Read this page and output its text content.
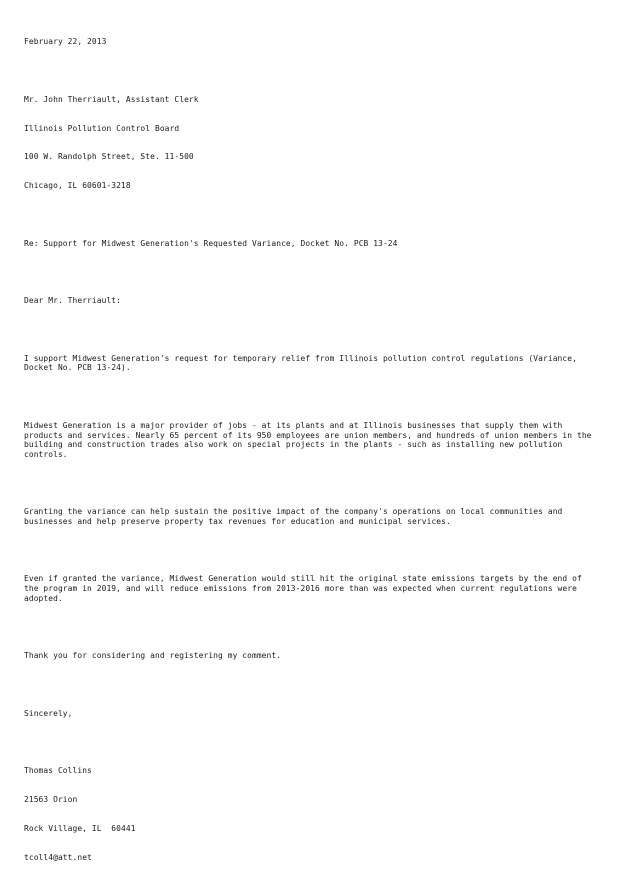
February 22, 2013

Mr. John Therriault, Assistant Clerk

Illinois Pollution Control Board

100 W. Randolph Street, Ste. 11-500

Chicago, IL 60601-3218

Re: Support for Midwest Generation's Requested Variance, Docket No. PCB 13-24

Dear Mr. Therriault:

I support Midwest Generation's request for temporary relief from Illinois pollution control regulations (Variance, Docket No. PCB 13-24).

Midwest Generation is a major provider of jobs - at its plants and at Illinois businesses that supply them with products and services. Nearly 65 percent of its 950 employees are union members, and hundreds of union members in the building and construction trades also work on special projects in the plants - such as installing new pollution controls.

Granting the variance can help sustain the positive impact of the company's operations on local communities and businesses and help preserve property tax revenues for education and municipal services.

Even if granted the variance, Midwest Generation would still hit the original state emissions targets by the end of the program in 2019, and will reduce emissions from 2013-2016 more than was expected when current regulations were adopted.

Thank you for considering and registering my comment.

Sincerely,

Thomas Collins

21563 Orion

Rock Village, IL  60441

tcoll4@att.net
